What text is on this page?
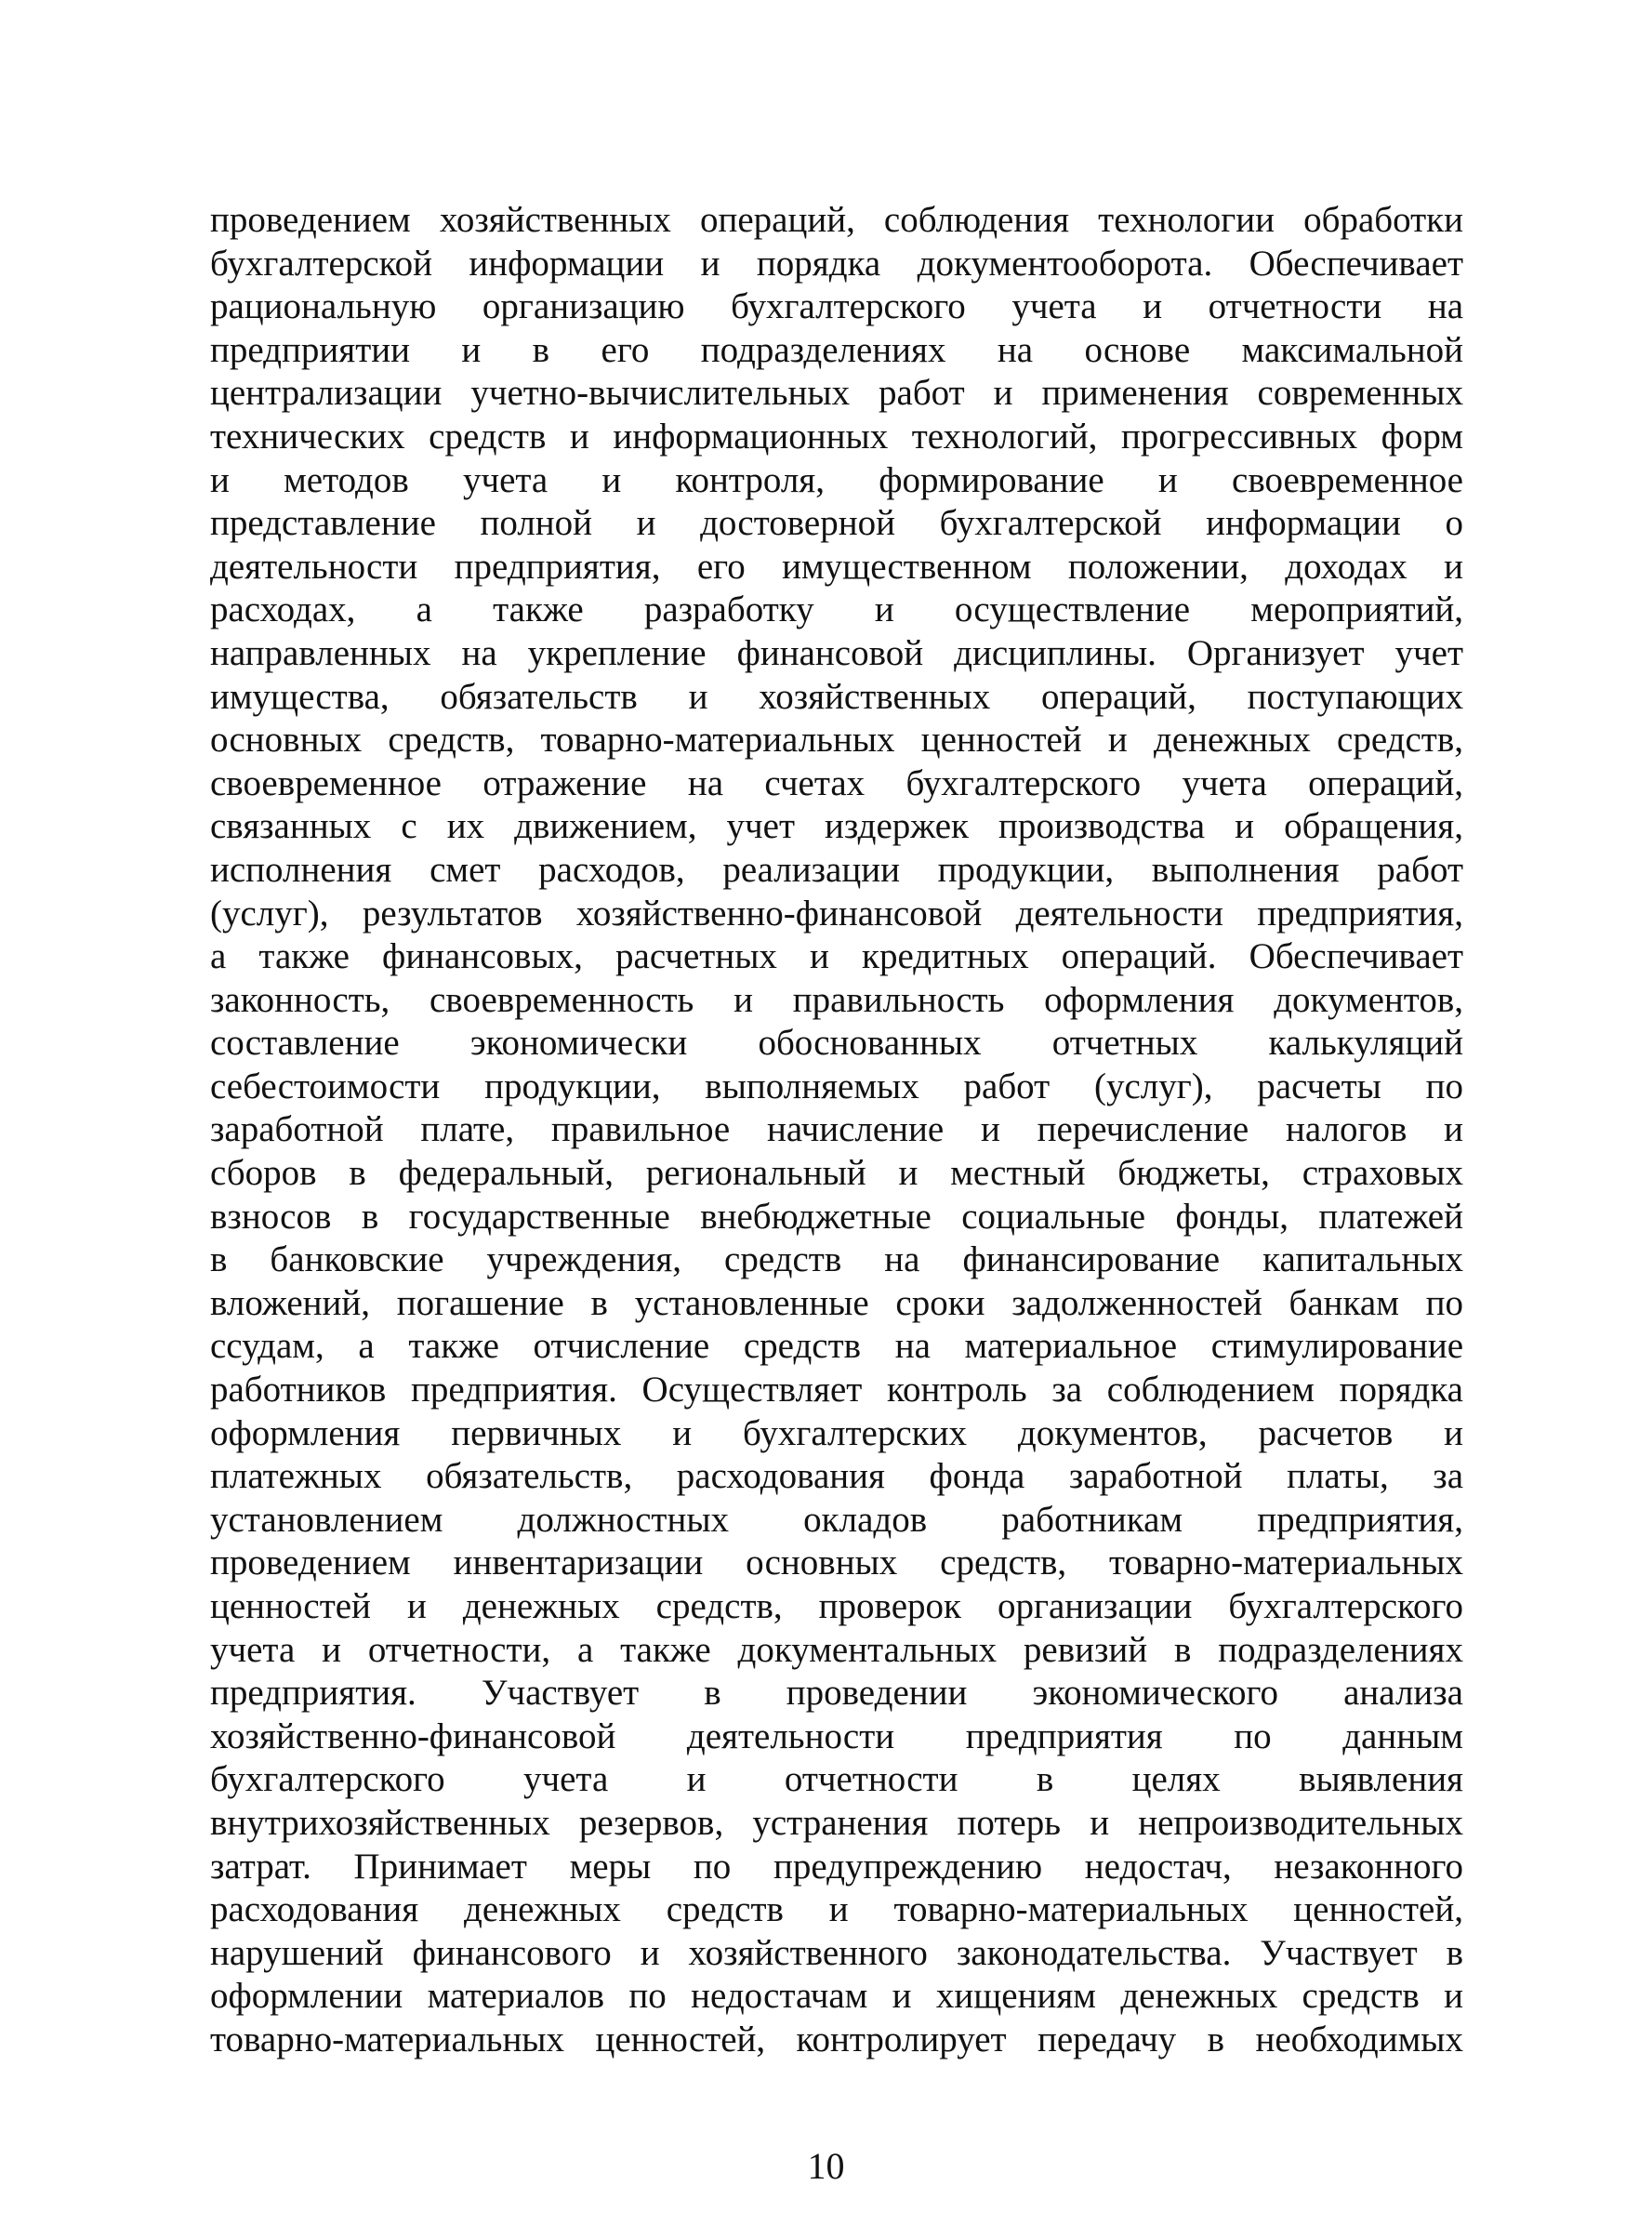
проведением хозяйственных операций, соблюдения технологии обработки
бухгалтерской информации и порядка документооборота. Обеспечивает
рациональную организацию бухгалтерского учета и отчетности на
предприятии и в его подразделениях на основе максимальной
централизации учетно-вычислительных работ и применения современных
технических средств и информационных технологий, прогрессивных форм
и методов учета и контроля, формирование и своевременное
представление полной и достоверной бухгалтерской информации о
деятельности предприятия, его имущественном положении, доходах и
расходах, а также разработку и осуществление мероприятий,
направленных на укрепление финансовой дисциплины. Организует учет
имущества, обязательств и хозяйственных операций, поступающих
основных средств, товарно-материальных ценностей и денежных средств,
своевременное отражение на счетах бухгалтерского учета операций,
связанных с их движением, учет издержек производства и обращения,
исполнения смет расходов, реализации продукции, выполнения работ
(услуг), результатов хозяйственно-финансовой деятельности предприятия,
а также финансовых, расчетных и кредитных операций. Обеспечивает
законность, своевременность и правильность оформления документов,
составление экономически обоснованных отчетных калькуляций
себестоимости продукции, выполняемых работ (услуг), расчеты по
заработной плате, правильное начисление и перечисление налогов и
сборов в федеральный, региональный и местный бюджеты, страховых
взносов в государственные внебюджетные социальные фонды, платежей
в банковские учреждения, средств на финансирование капитальных
вложений, погашение в установленные сроки задолженностей банкам по
ссудам, а также отчисление средств на материальное стимулирование
работников предприятия. Осуществляет контроль за соблюдением порядка
оформления первичных и бухгалтерских документов, расчетов и
платежных обязательств, расходования фонда заработной платы, за
установлением должностных окладов работникам предприятия,
проведением инвентаризации основных средств, товарно-материальных
ценностей и денежных средств, проверок организации бухгалтерского
учета и отчетности, а также документальных ревизий в подразделениях
предприятия. Участвует в проведении экономического анализа
хозяйственно-финансовой деятельности предприятия по данным
бухгалтерского учета и отчетности в целях выявления
внутрихозяйственных резервов, устранения потерь и непроизводительных
затрат. Принимает меры по предупреждению недостач, незаконного
расходования денежных средств и товарно-материальных ценностей,
нарушений финансового и хозяйственного законодательства. Участвует в
оформлении материалов по недостачам и хищениям денежных средств и
товарно-материальных ценностей, контролирует передачу в необходимых
10
